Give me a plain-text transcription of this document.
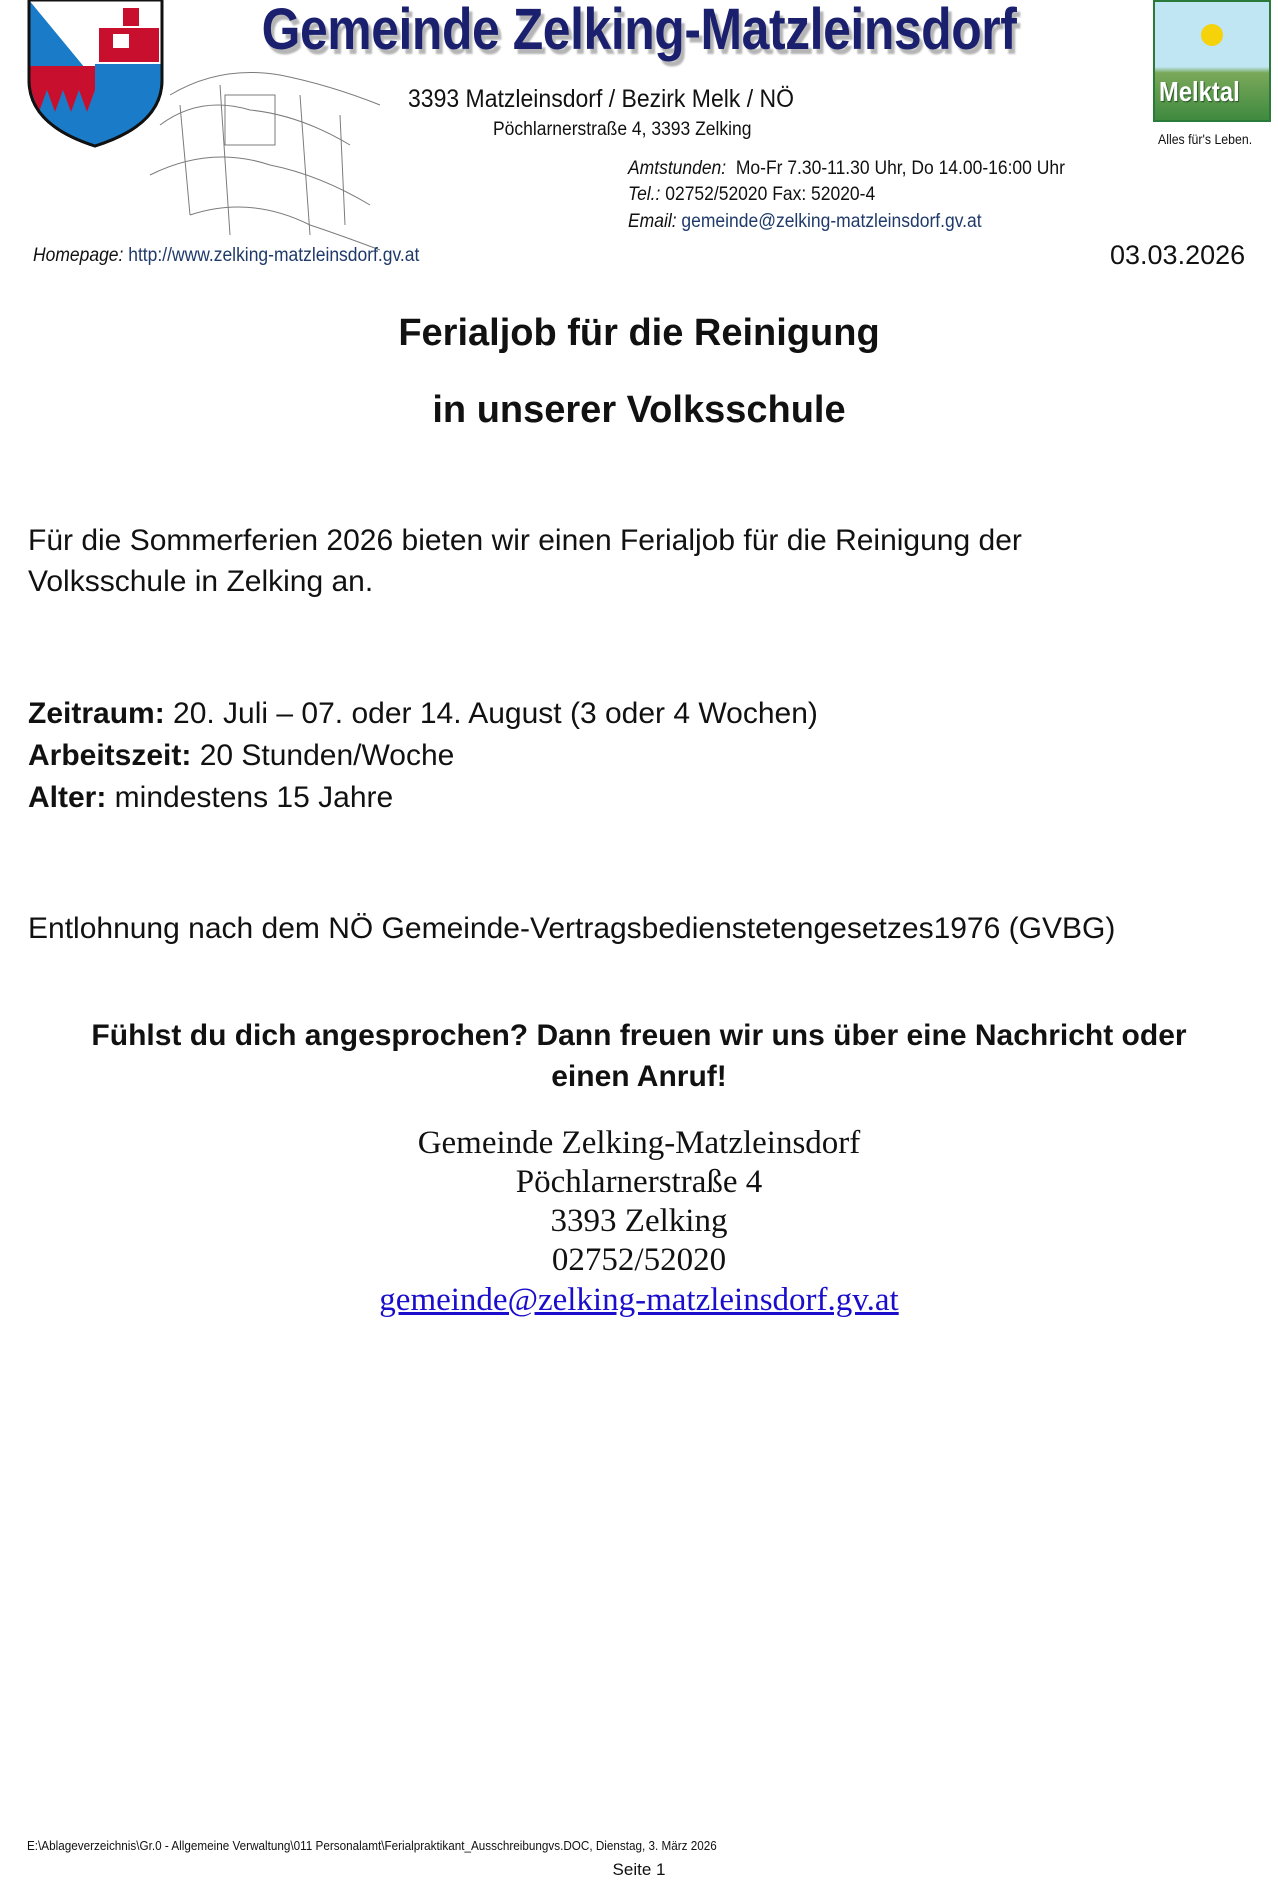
Gemeinde Zelking-Matzleinsdorf
Melktal
Alles für's Leben.
3393 Matzleinsdorf / Bezirk Melk / NÖ
Pöchlarnerstraße 4, 3393 Zelking
Amtstunden: Mo-Fr 7.30-11.30 Uhr, Do 14.00-16:00 Uhr
Tel.: 02752/52020 Fax: 52020-4
Email: gemeinde@zelking-matzleinsdorf.gv.at
Homepage: http://www.zelking-matzleinsdorf.gv.at	03.03.2026
Ferialjob für die Reinigung
in unserer Volksschule
Für die Sommerferien 2026 bieten wir einen Ferialjob für die Reinigung der
Volksschule in Zelking an.
Zeitraum: 20. Juli – 07. oder 14. August (3 oder 4 Wochen)
Arbeitszeit: 20 Stunden/Woche
Alter: mindestens 15 Jahre
Entlohnung nach dem NÖ Gemeinde-Vertragsbedienstetengesetzes1976 (GVBG)
Fühlst du dich angesprochen? Dann freuen wir uns über eine Nachricht oder
einen Anruf!
Gemeinde Zelking-Matzleinsdorf
Pöchlarnerstraße 4
3393 Zelking
02752/52020
gemeinde@zelking-matzleinsdorf.gv.at
E:\Ablageverzeichnis\Gr.0 - Allgemeine Verwaltung\011 Personalamt\Ferialpraktikant_Ausschreibungvs.DOC, Dienstag, 3. März 2026
Seite 1
